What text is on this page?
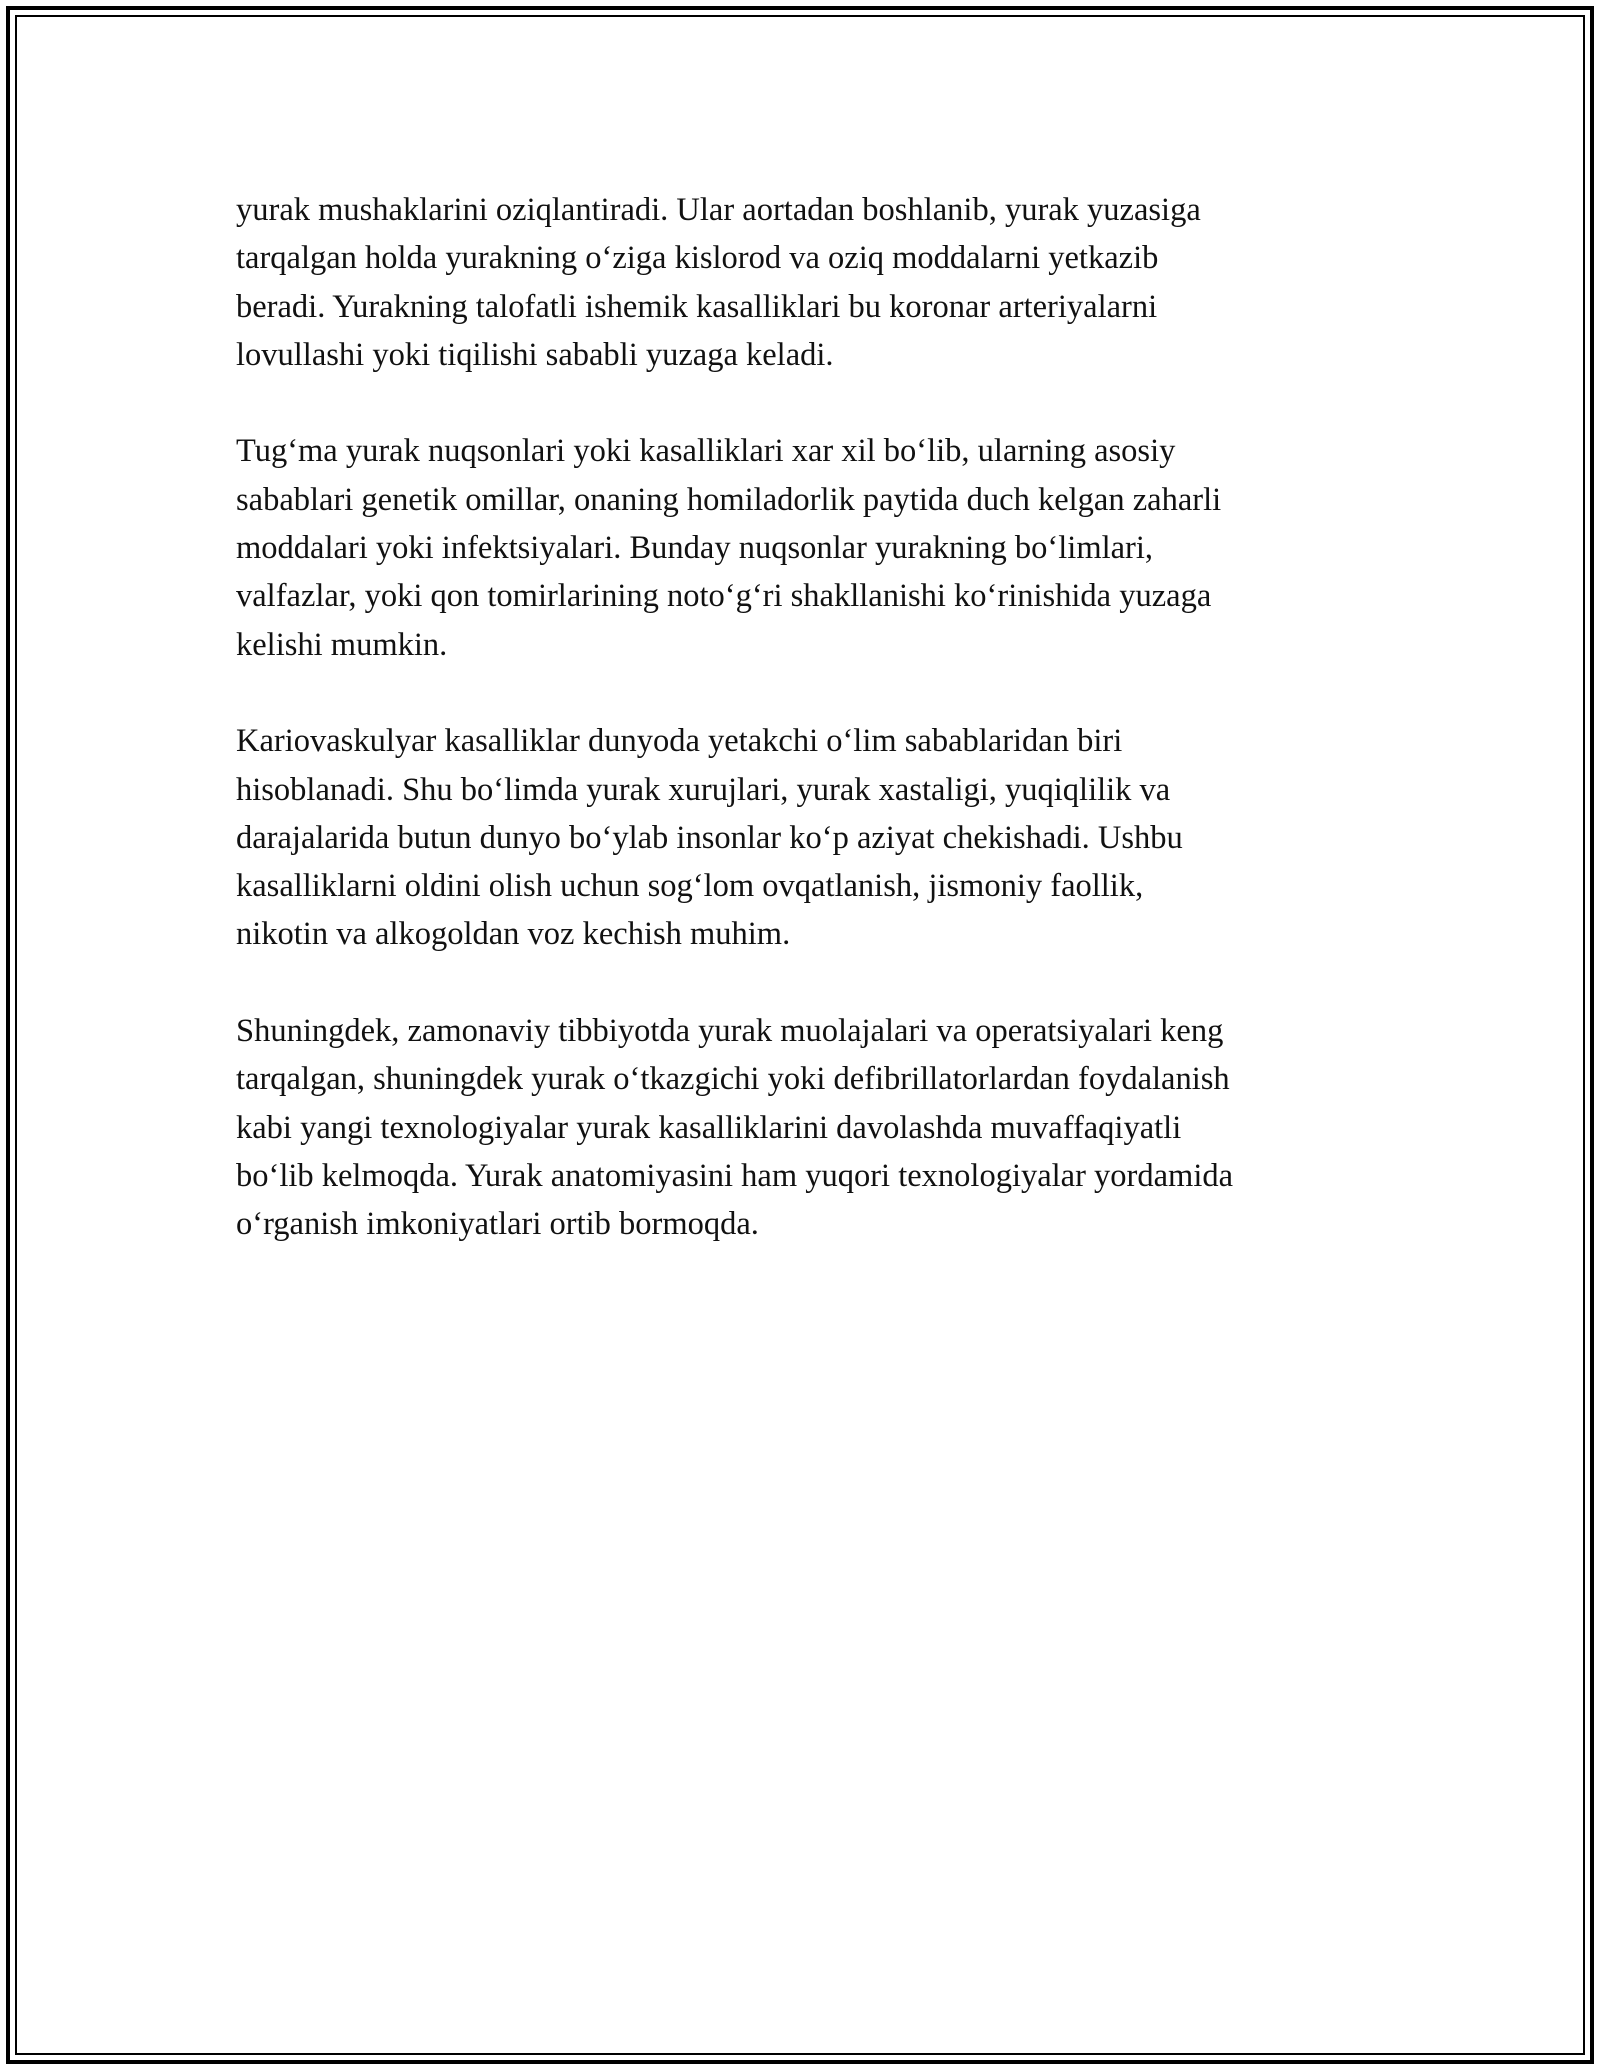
yurak mushaklarini oziqlantiradi. Ular aortadan boshlanib, yurak yuzasiga
tarqalgan holda yurakning o‘ziga kislorod va oziq moddalarni yetkazib
beradi. Yurakning talofatli ishemik kasalliklari bu koronar arteriyalarni
lovullashi yoki tiqilishi sababli yuzaga keladi.

Tug‘ma yurak nuqsonlari yoki kasalliklari xar xil bo‘lib, ularning asosiy
sabablari genetik omillar, onaning homiladorlik paytida duch kelgan zaharli
moddalari yoki infektsiyalari. Bunday nuqsonlar yurakning bo‘limlari,
valfazlar, yoki qon tomirlarining noto‘g‘ri shakllanishi ko‘rinishida yuzaga
kelishi mumkin.

Kariovaskulyar kasalliklar dunyoda yetakchi o‘lim sabablaridan biri
hisoblanadi. Shu bo‘limda yurak xurujlari, yurak xastaligi, yuqiqlilik va
darajalarida butun dunyo bo‘ylab insonlar ko‘p aziyat chekishadi. Ushbu
kasalliklarni oldini olish uchun sog‘lom ovqatlanish, jismoniy faollik,
nikotin va alkogoldan voz kechish muhim.

Shuningdek, zamonaviy tibbiyotda yurak muolajalari va operatsiyalari keng
tarqalgan, shuningdek yurak o‘tkazgichi yoki defibrillatorlardan foydalanish
kabi yangi texnologiyalar yurak kasalliklarini davolashda muvaffaqiyatli
bo‘lib kelmoqda. Yurak anatomiyasini ham yuqori texnologiyalar yordamida
o‘rganish imkoniyatlari ortib bormoqda.
